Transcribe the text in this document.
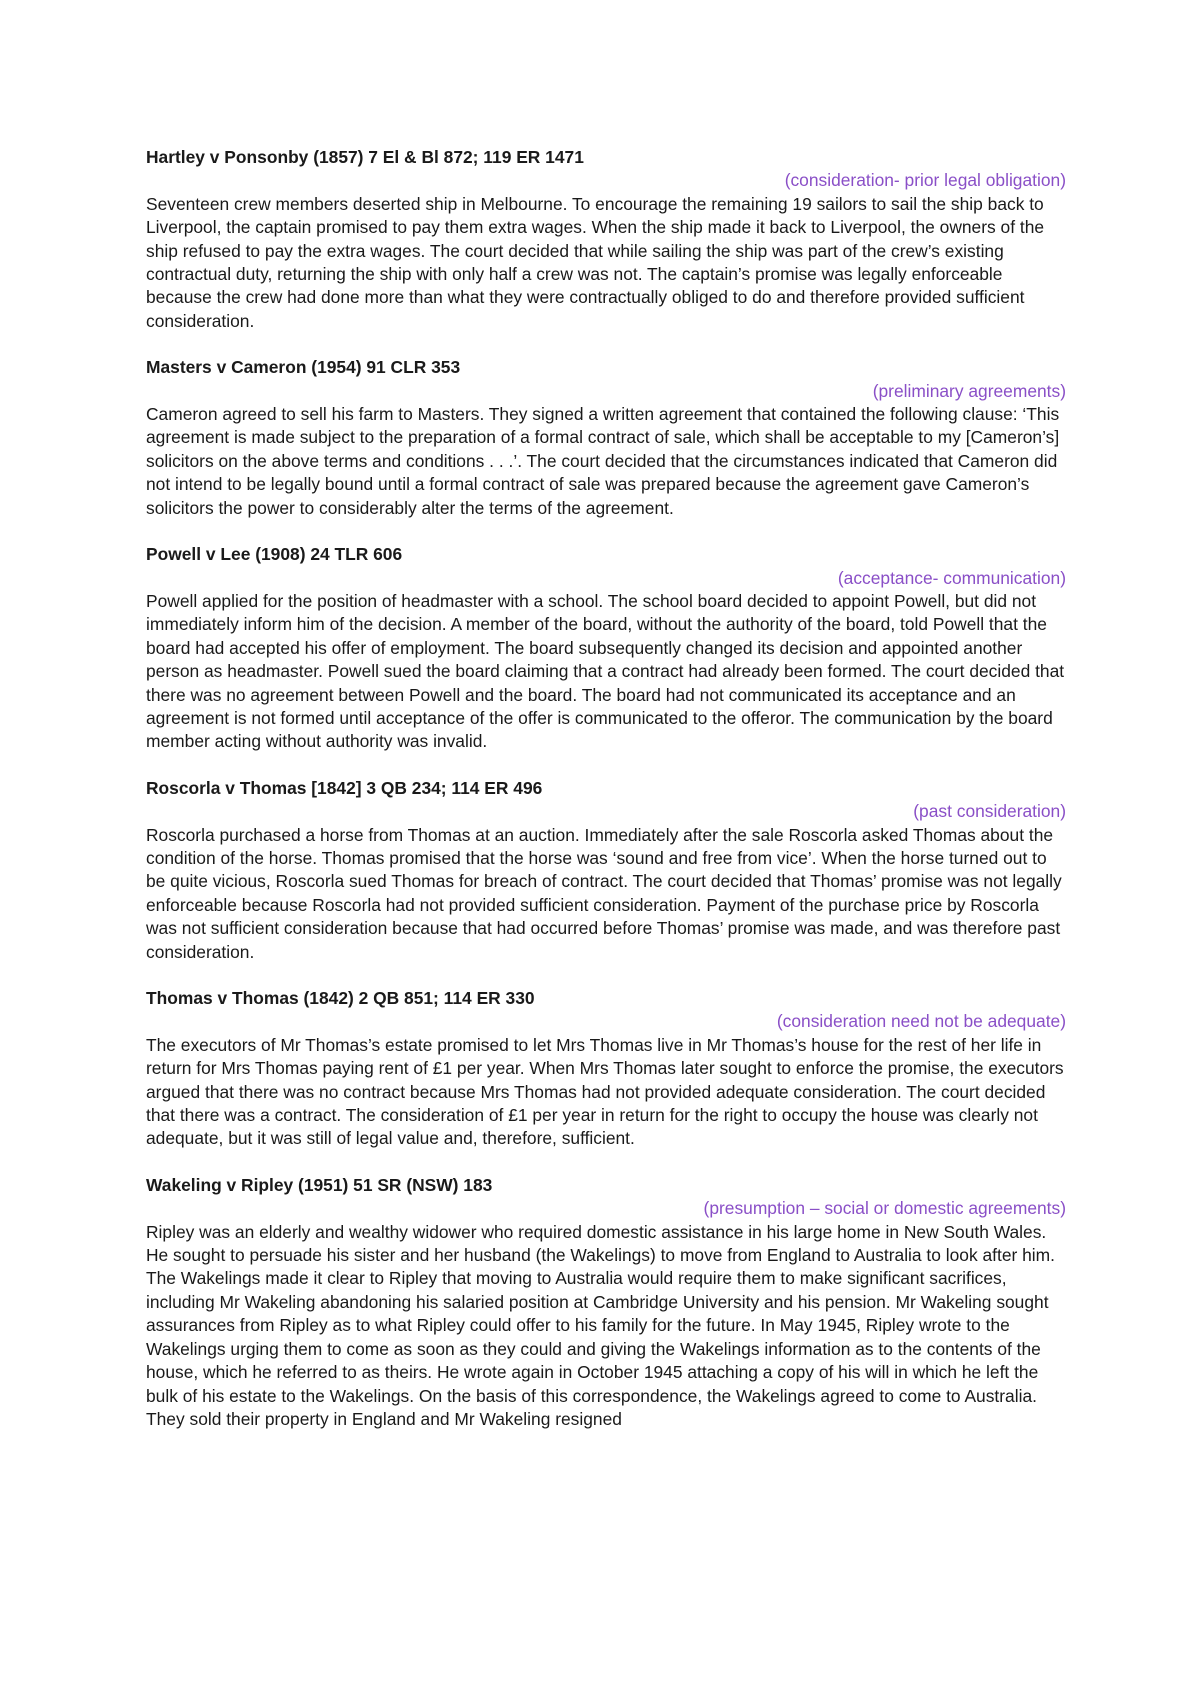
Hartley v Ponsonby (1857) 7 El & Bl 872; 119 ER 1471

(consideration- prior legal obligation)

Seventeen crew members deserted ship in Melbourne. To encourage the remaining 19 sailors to sail the ship back to Liverpool, the captain promised to pay them extra wages. When the ship made it back to Liverpool, the owners of the ship refused to pay the extra wages. The court decided that while sailing the ship was part of the crew’s existing contractual duty, returning the ship with only half a crew was not. The captain’s promise was legally enforceable because the crew had done more than what they were contractually obliged to do and therefore provided sufficient consideration.

Masters v Cameron (1954) 91 CLR 353

(preliminary agreements)

Cameron agreed to sell his farm to Masters. They signed a written agreement that contained the following clause: ‘This agreement is made subject to the preparation of a formal contract of sale, which shall be acceptable to my [Cameron’s] solicitors on the above terms and conditions . . .’. The court decided that the circumstances indicated that Cameron did not intend to be legally bound until a formal contract of sale was prepared because the agreement gave Cameron’s solicitors the power to considerably alter the terms of the agreement.

Powell v Lee (1908) 24 TLR 606

(acceptance- communication)

Powell applied for the position of headmaster with a school. The school board decided to appoint Powell, but did not immediately inform him of the decision. A member of the board, without the authority of the board, told Powell that the board had accepted his offer of employment. The board subsequently changed its decision and appointed another person as headmaster. Powell sued the board claiming that a contract had already been formed. The court decided that there was no agreement between Powell and the board. The board had not communicated its acceptance and an agreement is not formed until acceptance of the offer is communicated to the offeror. The communication by the board member acting without authority was invalid.

Roscorla v Thomas [1842] 3 QB 234; 114 ER 496

(past consideration)

Roscorla purchased a horse from Thomas at an auction. Immediately after the sale Roscorla asked Thomas about the condition of the horse. Thomas promised that the horse was ‘sound and free from vice’. When the horse turned out to be quite vicious, Roscorla sued Thomas for breach of contract. The court decided that Thomas’ promise was not legally enforceable because Roscorla had not provided sufficient consideration. Payment of the purchase price by Roscorla was not sufficient consideration because that had occurred before Thomas’ promise was made, and was therefore past consideration.

Thomas v Thomas (1842) 2 QB 851; 114 ER 330

(consideration need not be adequate)

The executors of Mr Thomas’s estate promised to let Mrs Thomas live in Mr Thomas’s house for the rest of her life in return for Mrs Thomas paying rent of £1 per year. When Mrs Thomas later sought to enforce the promise, the executors argued that there was no contract because Mrs Thomas had not provided adequate consideration. The court decided that there was a contract. The consideration of £1 per year in return for the right to occupy the house was clearly not adequate, but it was still of legal value and, therefore, sufficient.

Wakeling v Ripley (1951) 51 SR (NSW) 183

(presumption – social or domestic agreements)

Ripley was an elderly and wealthy widower who required domestic assistance in his large home in New South Wales. He sought to persuade his sister and her husband (the Wakelings) to move from England to Australia to look after him. The Wakelings made it clear to Ripley that moving to Australia would require them to make significant sacrifices, including Mr Wakeling abandoning his salaried position at Cambridge University and his pension. Mr Wakeling sought assurances from Ripley as to what Ripley could offer to his family for the future. In May 1945, Ripley wrote to the Wakelings urging them to come as soon as they could and giving the Wakelings information as to the contents of the house, which he referred to as theirs. He wrote again in October 1945 attaching a copy of his will in which he left the bulk of his estate to the Wakelings. On the basis of this correspondence, the Wakelings agreed to come to Australia. They sold their property in England and Mr Wakeling resigned
